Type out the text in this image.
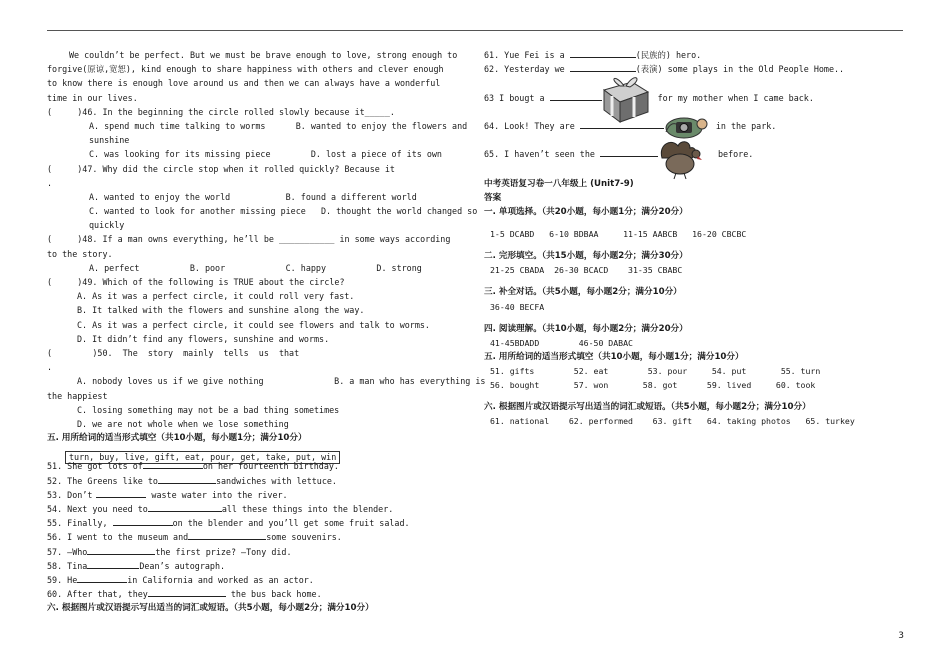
We couldn’t be perfect. But we must be brave enough to love, strong enough to
forgive(原谅,宽恕), kind enough to share happiness with others and clever enough
to know there is enough love around us and then we can always have a wonderful
time in our lives.
(     )46. In the beginning the circle rolled slowly because it_____.
A. spend much time talking to worms      B. wanted to enjoy the flowers and
sunshine
C. was looking for its missing piece        D. lost a piece of its own
(     )47. Why did the circle stop when it rolled quickly? Because it
.
A. wanted to enjoy the world           B. found a different world
C. wanted to look for another missing piece   D. thought the world changed so
quickly
(     )48. If a man owns everything, he’ll be ___________ in some ways according
to the story.
A. perfect          B. poor            C. happy          D. strong
(     )49. Which of the following is TRUE about the circle?
A. As it was a perfect circle, it could roll very fast.
B. It talked with the flowers and sunshine along the way.
C. As it was a perfect circle, it could see flowers and talk to worms.
D. It didn’t find any flowers, sunshine and worms.
(        )50.  The  story  mainly  tells  us  that
.
A. nobody loves us if we give nothing              B. a man who has everything is
the happiest
C. losing something may not be a bad thing sometimes
D. we are not whole when we lose something
五. 用所给词的适当形式填空（共10小题，每小题1分；满分10分）
turn, buy, live, gift, eat, pour, get, take, put, win
51. She got lots of	on her fourteenth birthday.
52. The Greens like to	sandwiches with lettuce.
53. Don’t	waste water into the river.
54. Next you need to	all these things into the blender.
55. Finally,	on the blender and you’ll get some fruit salad.
56. I went to the museum and	some souvenirs.
57. —Who	the first prize? —Tony did.
58. Tina	Dean’s autograph.
59. He	in California and worked as an actor.
60. After that, they	the bus back home.
六. 根据图片或汉语提示写出适当的词汇或短语。（共5小题，每小题2分；满分10分）
61. Yue Fei is a	(民族的) hero.
62. Yesterday we	(表演) some plays in the Old People Home..
63 I bougt a	for my mother when I came back.
64. Look! They are	in the park.
65. I haven’t seen the	before.
中考英语复习卷一八年级上 (Unit7-9)
答案
一. 单项选择。（共20小题，每小题1分；满分20分）
1-5 DCABD   6-10 BDBAA     11-15 AABCB   16-20 CBCBC
二. 完形填空。（共15小题，每小题2分；满分30分）
21-25 CBADA  26-30 BCACD    31-35 CBABC
三. 补全对话。（共5小题，每小题2分；满分10分）
36-40 BECFA
四. 阅读理解。（共10小题，每小题2分；满分20分）
41-45BDADD        46-50 DABAC
五. 用所给词的适当形式填空（共10小题，每小题1分；满分10分）
51. gifts        52. eat        53. pour     54. put       55. turn
56. bought       57. won       58. got      59. lived     60. took
六. 根据图片或汉语提示写出适当的词汇或短语。（共5小题，每小题2分；满分10分）
61. national    62. performed    63. gift   64. taking photos   65. turkey
3
